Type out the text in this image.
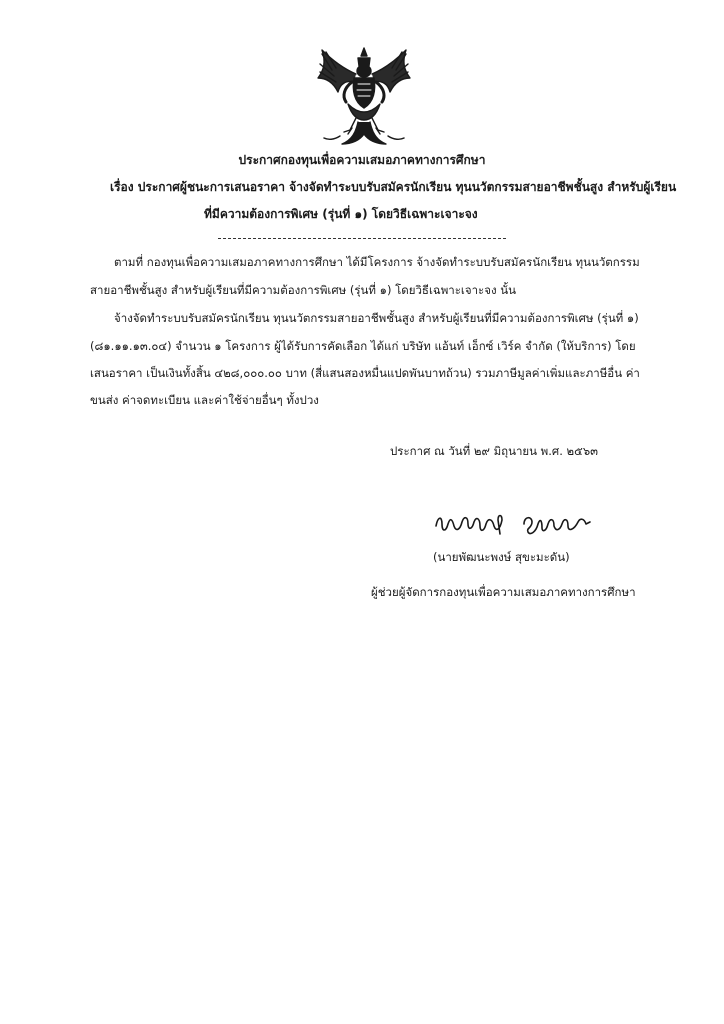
ประกาศกองทุนเพื่อความเสมอภาคทางการศึกษา
เรื่อง ประกาศผู้ชนะการเสนอราคา จ้างจัดทำระบบรับสมัครนักเรียน ทุนนวัตกรรมสายอาชีพชั้นสูง สำหรับผู้เรียน
ที่มีความต้องการพิเศษ (รุ่นที่ ๑) โดยวิธีเฉพาะเจาะจง
ตามที่ กองทุนเพื่อความเสมอภาคทางการศึกษา ได้มีโครงการ จ้างจัดทำระบบรับสมัครนักเรียน ทุนนวัตกรรม
สายอาชีพชั้นสูง สำหรับผู้เรียนที่มีความต้องการพิเศษ (รุ่นที่ ๑) โดยวิธีเฉพาะเจาะจง นั้น
จ้างจัดทำระบบรับสมัครนักเรียน ทุนนวัตกรรมสายอาชีพชั้นสูง สำหรับผู้เรียนที่มีความต้องการพิเศษ (รุ่นที่ ๑)
(๘๑.๑๑.๑๓.๐๔) จำนวน ๑ โครงการ ผู้ได้รับการคัดเลือก ได้แก่ บริษัท แอ้นท์ เอ็กซ์ เวิร์ค จำกัด (ให้บริการ) โดย
เสนอราคา เป็นเงินทั้งสิ้น ๔๒๘,๐๐๐.๐๐ บาท (สี่แสนสองหมื่นแปดพันบาทถ้วน) รวมภาษีมูลค่าเพิ่มและภาษีอื่น ค่า
ขนส่ง ค่าจดทะเบียน และค่าใช้จ่ายอื่นๆ ทั้งปวง
ประกาศ ณ วันที่ ๒๙ มิถุนายน พ.ศ. ๒๕๖๓
(นายพัฒนะพงษ์ สุขะมะดัน)
ผู้ช่วยผู้จัดการกองทุนเพื่อความเสมอภาคทางการศึกษา
